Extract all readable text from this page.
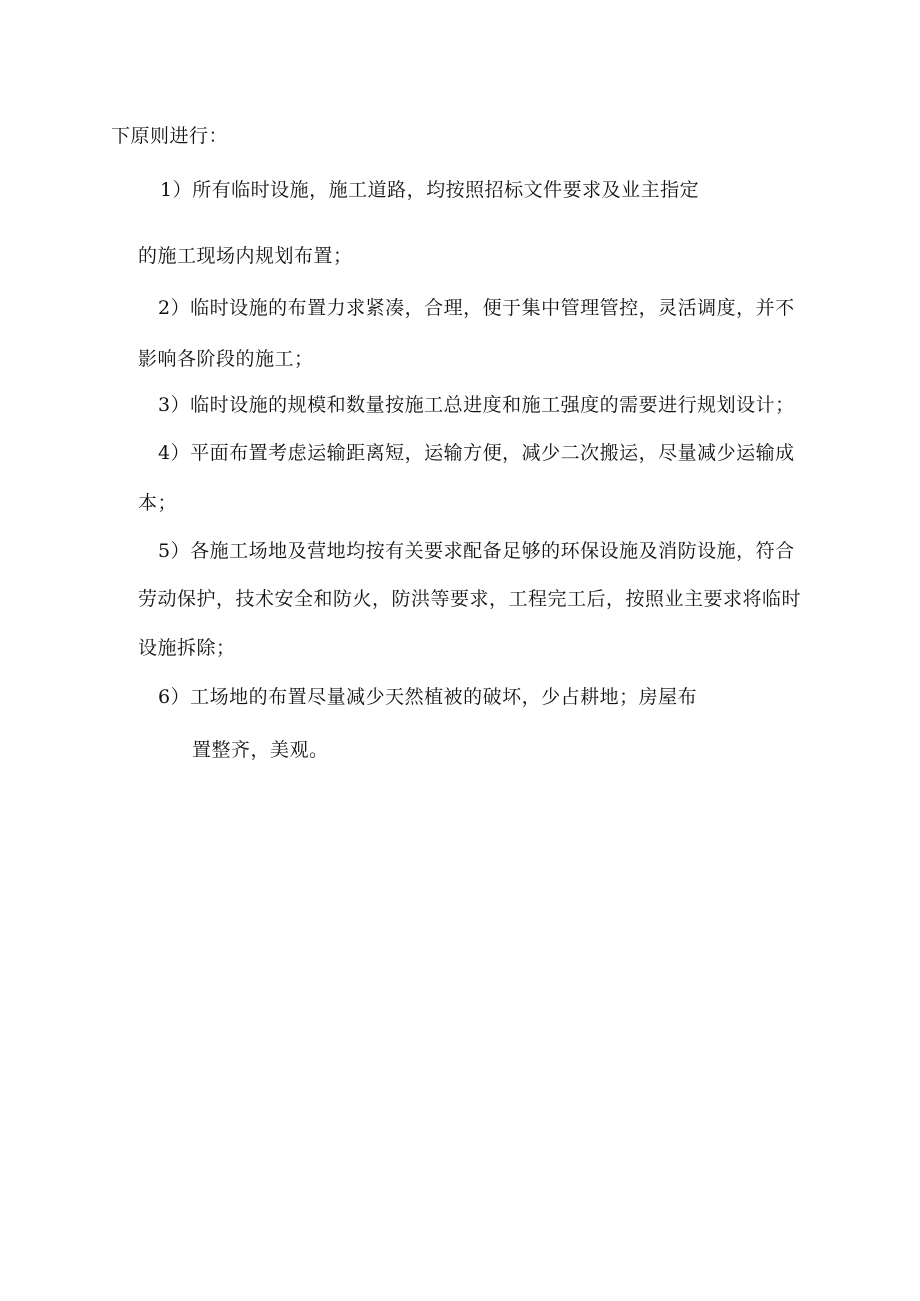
下原则进行：
1）所有临时设施，施工道路，均按照招标文件要求及业主指定
的施工现场内规划布置；
2）临时设施的布置力求紧凑，合理，便于集中管理管控，灵活调度，并不
影响各阶段的施工；
3）临时设施的规模和数量按施工总进度和施工强度的需要进行规划设计；
4）平面布置考虑运输距离短，运输方便，减少二次搬运，尽量减少运输成
本；
5）各施工场地及营地均按有关要求配备足够的环保设施及消防设施，符合
劳动保护，技术安全和防火，防洪等要求，工程完工后，按照业主要求将临时
设施拆除；
6）工场地的布置尽量减少天然植被的破坏，少占耕地；房屋布
置整齐，美观。
